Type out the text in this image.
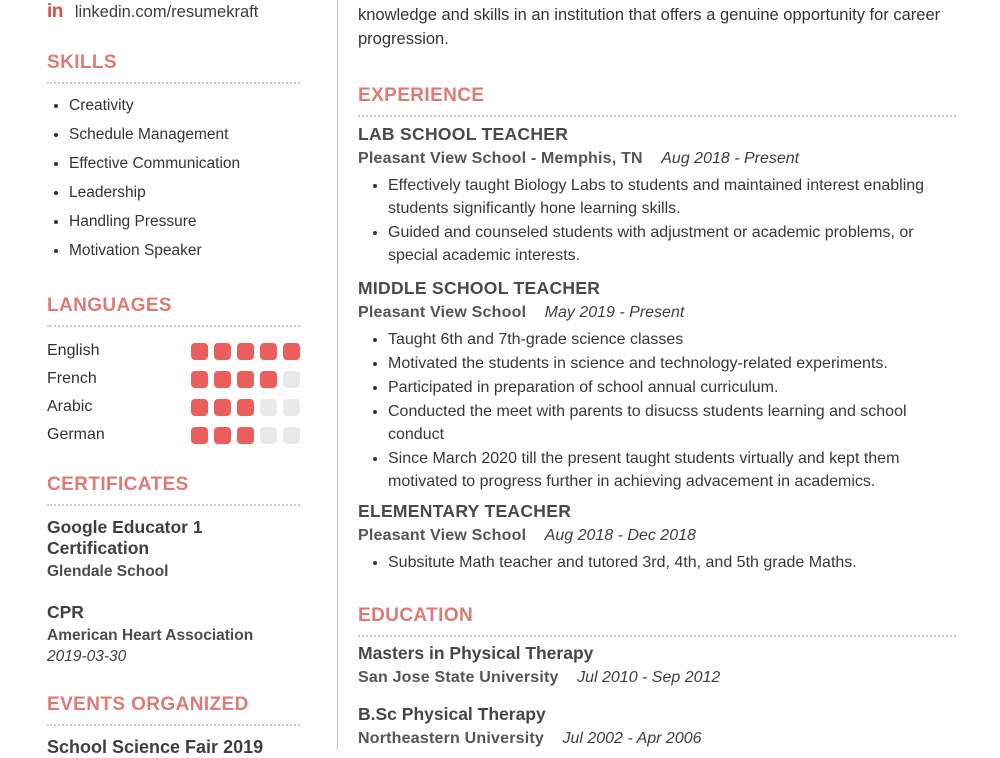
in linkedin.com/resumekraft
SKILLS
• Creativity
• Schedule Management
• Effective Communication
• Leadership
• Handling Pressure
• Motivation Speaker
LANGUAGES
English
French
Arabic
German
CERTIFICATES
Google Educator 1 Certification
Glendale School
CPR
American Heart Association
2019-03-30
EVENTS ORGANIZED
School Science Fair 2019
knowledge and skills in an institution that offers a genuine opportunity for career progression.
EXPERIENCE
LAB SCHOOL TEACHER
Pleasant View School - Memphis, TN Aug 2018 - Present
• Effectively taught Biology Labs to students and maintained interest enabling students significantly hone learning skills.
• Guided and counseled students with adjustment or academic problems, or special academic interests.
MIDDLE SCHOOL TEACHER
Pleasant View School May 2019 - Present
• Taught 6th and 7th-grade science classes
• Motivated the students in science and technology-related experiments.
• Participated in preparation of school annual curriculum.
• Conducted the meet with parents to disucss students learning and school conduct
• Since March 2020 till the present taught students virtually and kept them motivated to progress further in achieving advacement in academics.
ELEMENTARY TEACHER
Pleasant View School Aug 2018 - Dec 2018
• Subsitute Math teacher and tutored 3rd, 4th, and 5th grade Maths.
EDUCATION
Masters in Physical Therapy
San Jose State University Jul 2010 - Sep 2012
B.Sc Physical Therapy
Northeastern University Jul 2002 - Apr 2006
